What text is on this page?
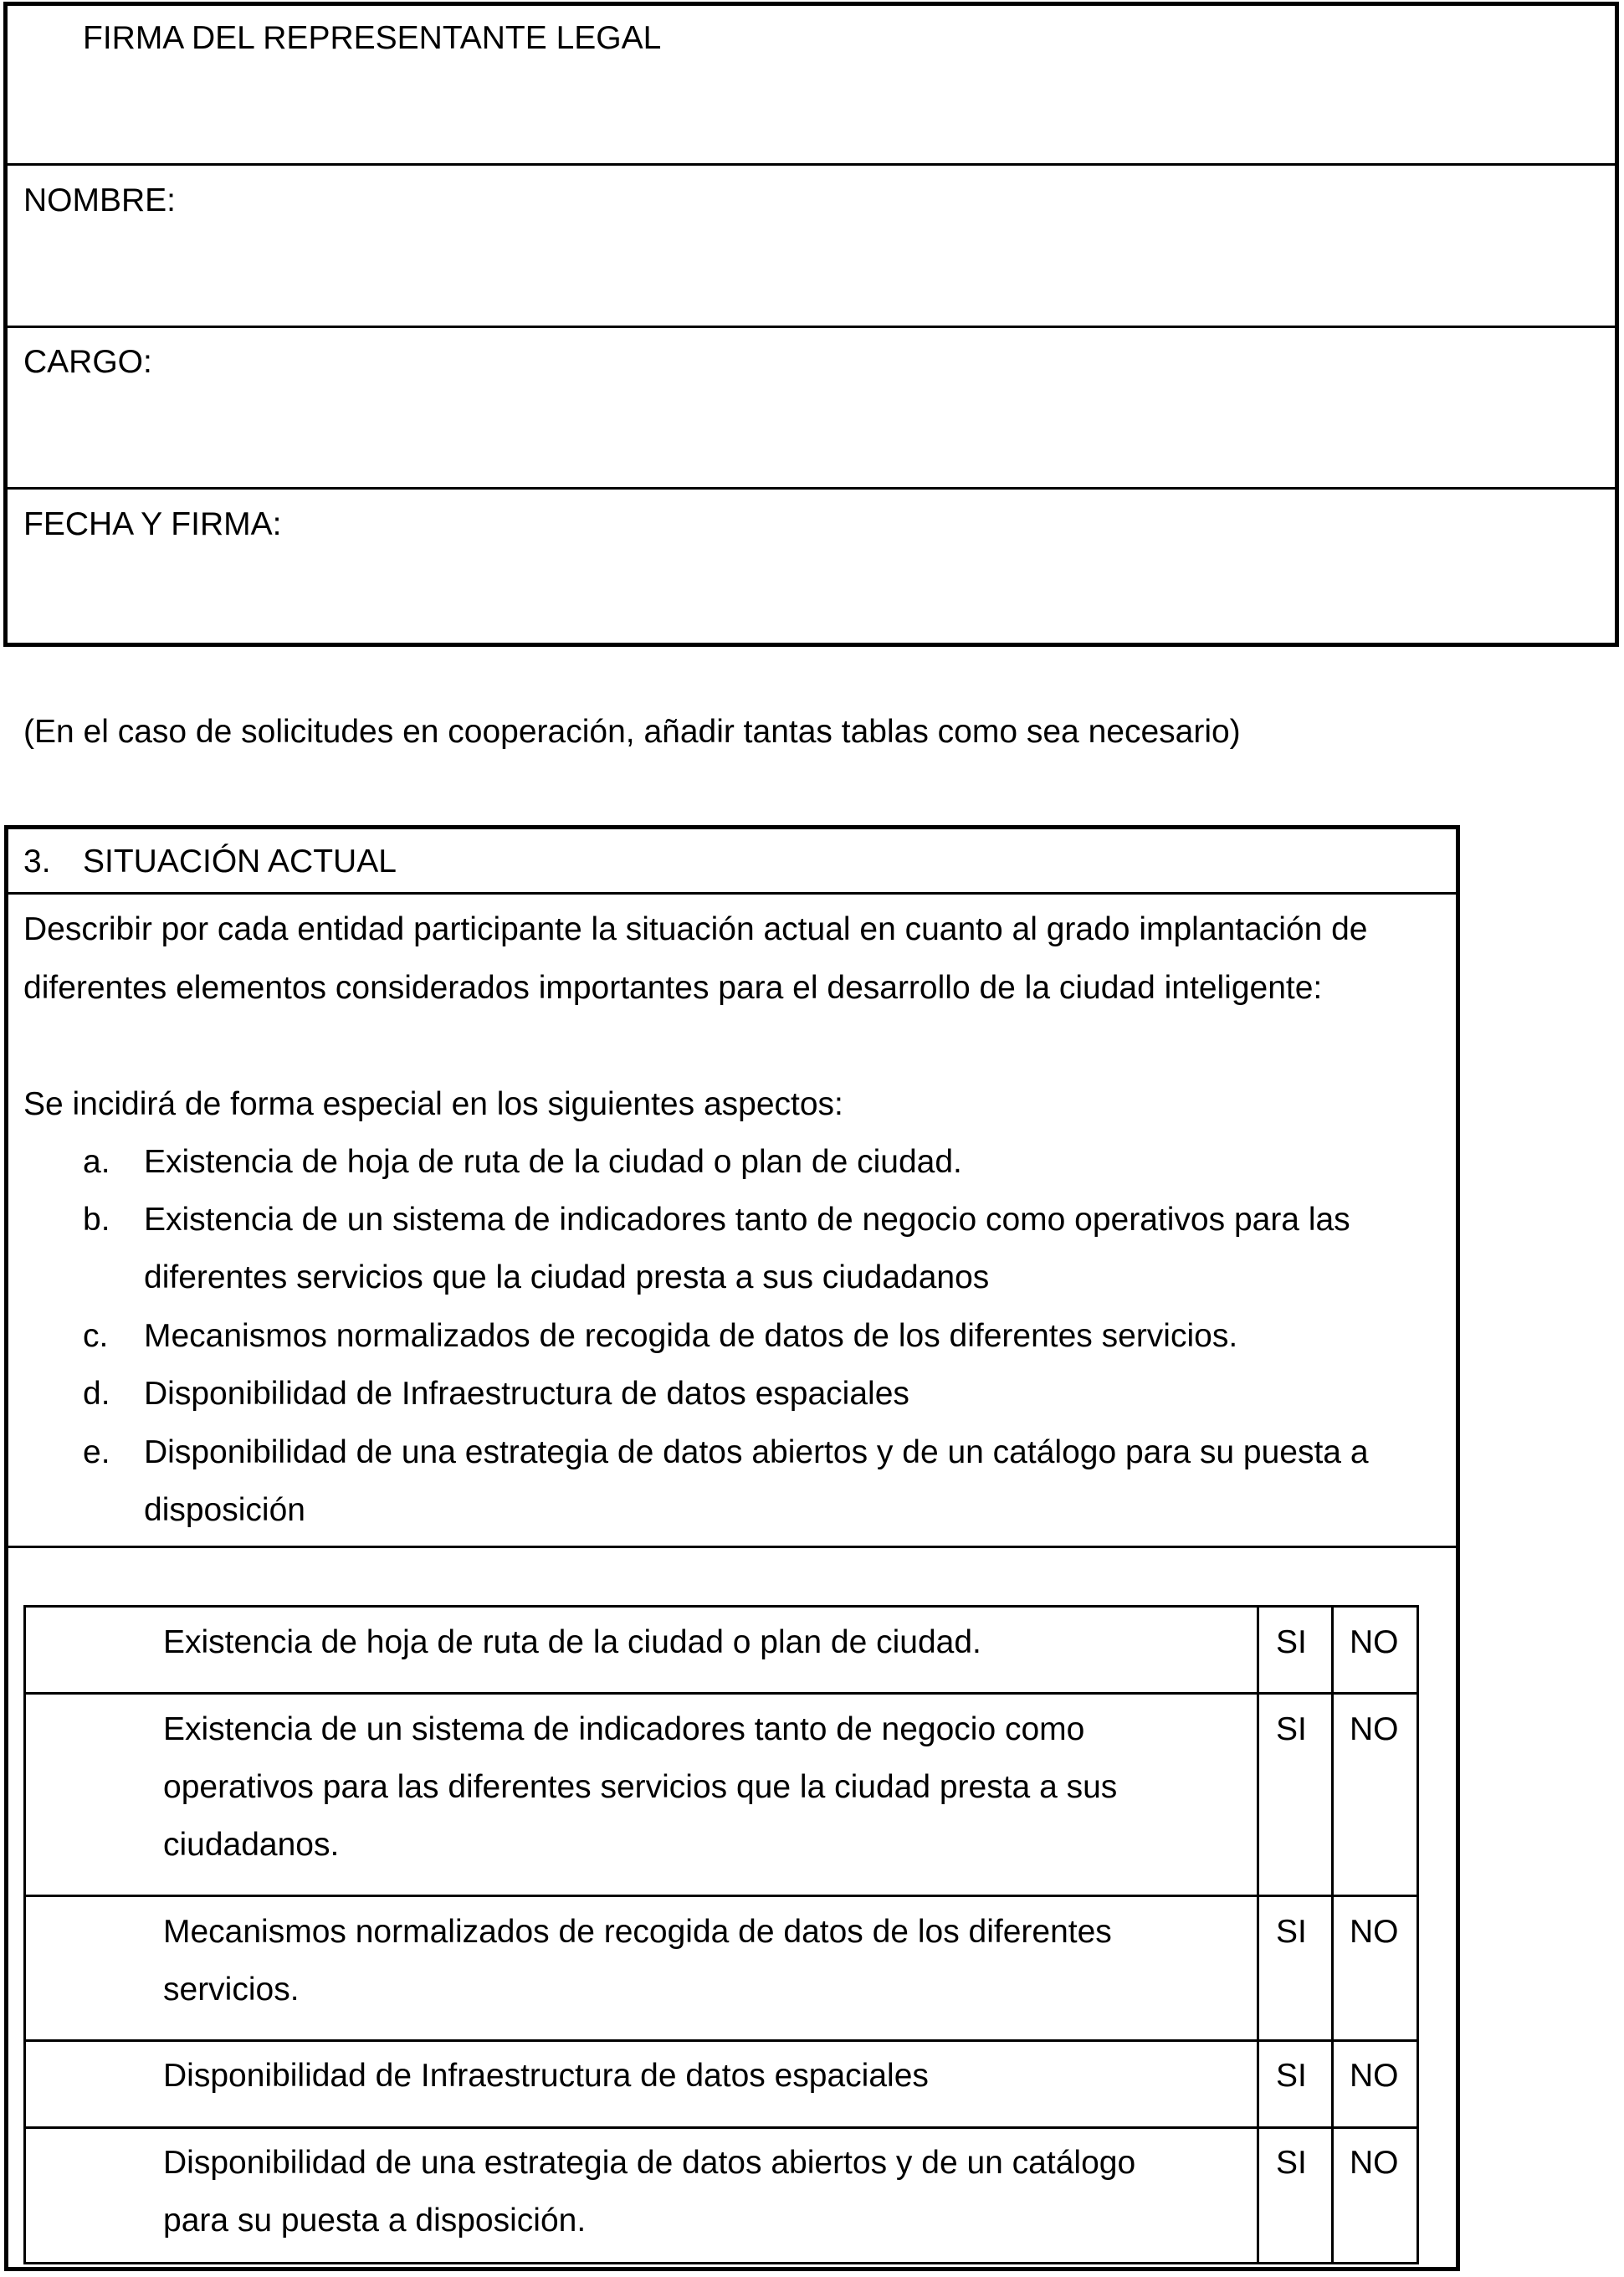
FIRMA DEL REPRESENTANTE LEGAL
NOMBRE:
CARGO:
FECHA Y FIRMA:
(En el caso de solicitudes en cooperación, añadir tantas tablas como sea necesario)
3. SITUACIÓN ACTUAL
Describir por cada entidad participante la situación actual en cuanto al grado implantación de
diferentes elementos considerados importantes para el desarrollo de la ciudad inteligente:
Se incidirá de forma especial en los siguientes aspectos:
a. Existencia de hoja de ruta de la ciudad o plan de ciudad.
b. Existencia de un sistema de indicadores tanto de negocio como operativos para las
diferentes servicios que la ciudad presta a sus ciudadanos
c. Mecanismos normalizados de recogida de datos de los diferentes servicios.
d. Disponibilidad de Infraestructura de datos espaciales
e. Disponibilidad de una estrategia de datos abiertos y de un catálogo para su puesta a
disposición
Existencia de hoja de ruta de la ciudad o plan de ciudad.	SI NO
Existencia de un sistema de indicadores tanto de negocio como
operativos para las diferentes servicios que la ciudad presta a sus
ciudadanos.
SI NO
Mecanismos normalizados de recogida de datos de los diferentes
servicios.
SI NO
Disponibilidad de Infraestructura de datos espaciales	SI NO
Disponibilidad de una estrategia de datos abiertos y de un catálogo
para su puesta a disposición.
SI NO
